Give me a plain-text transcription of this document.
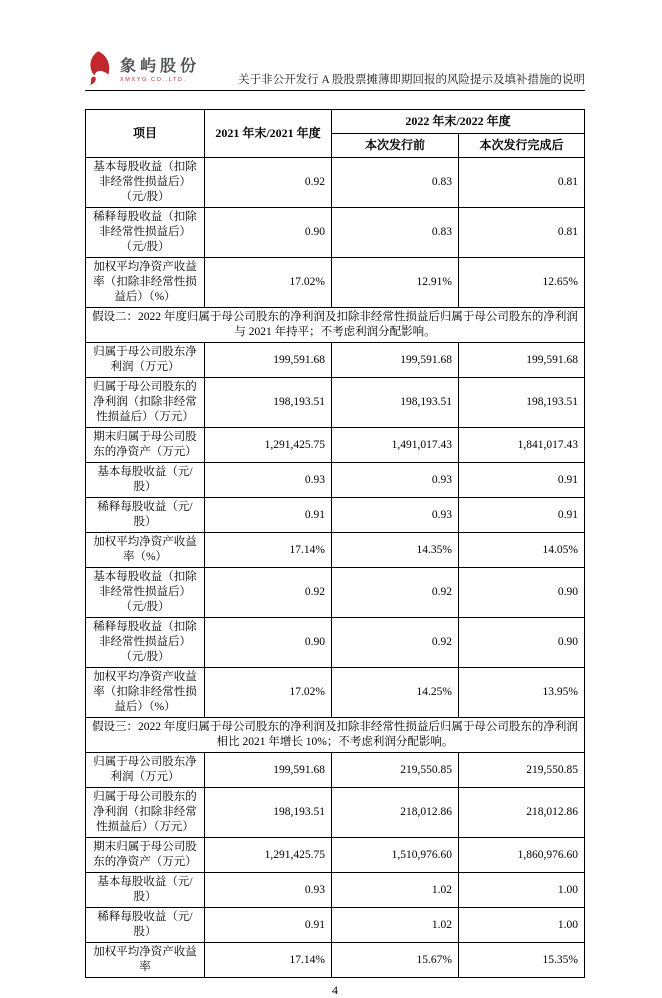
象屿股份
XMXYG CO.,LTD.	关于非公开发行 A 股股票摊薄即期回报的风险提示及填补措施的说明
项目	2021 年末/2021 年度	2022 年末/2022 年度	
		本次发行前	本次发行完成后
基本每股收益（扣除非经常性损益后）（元/股）	0.92	0.83	0.81
稀释每股收益（扣除非经常性损益后）（元/股）	0.90	0.83	0.81
加权平均净资产收益率（扣除非经常性损益后）（%）	17.02%	12.91%	12.65%
假设二：2022 年度归属于母公司股东的净利润及扣除非经常性损益后归属于母公司股东的净利润与 2021 年持平；不考虑利润分配影响。			
归属于母公司股东净利润（万元）	199,591.68	199,591.68	199,591.68
归属于母公司股东的净利润（扣除非经常性损益后）（万元）	198,193.51	198,193.51	198,193.51
期末归属于母公司股东的净资产（万元）	1,291,425.75	1,491,017.43	1,841,017.43
基本每股收益（元/股）	0.93	0.93	0.91
稀释每股收益（元/股）	0.91	0.93	0.91
加权平均净资产收益率（%）	17.14%	14.35%	14.05%
基本每股收益（扣除非经常性损益后）（元/股）	0.92	0.92	0.90
稀释每股收益（扣除非经常性损益后）（元/股）	0.90	0.92	0.90
加权平均净资产收益率（扣除非经常性损益后）（%）	17.02%	14.25%	13.95%
假设三：2022 年度归属于母公司股东的净利润及扣除非经常性损益后归属于母公司股东的净利润相比 2021 年增长 10%；不考虑利润分配影响。			
归属于母公司股东净利润（万元）	199,591.68	219,550.85	219,550.85
归属于母公司股东的净利润（扣除非经常性损益后）（万元）	198,193.51	218,012.86	218,012.86
期末归属于母公司股东的净资产（万元）	1,291,425.75	1,510,976.60	1,860,976.60
基本每股收益（元/股）	0.93	1.02	1.00
稀释每股收益（元/股）	0.91	1.02	1.00
加权平均净资产收益率	17.14%	15.67%	15.35%
4
